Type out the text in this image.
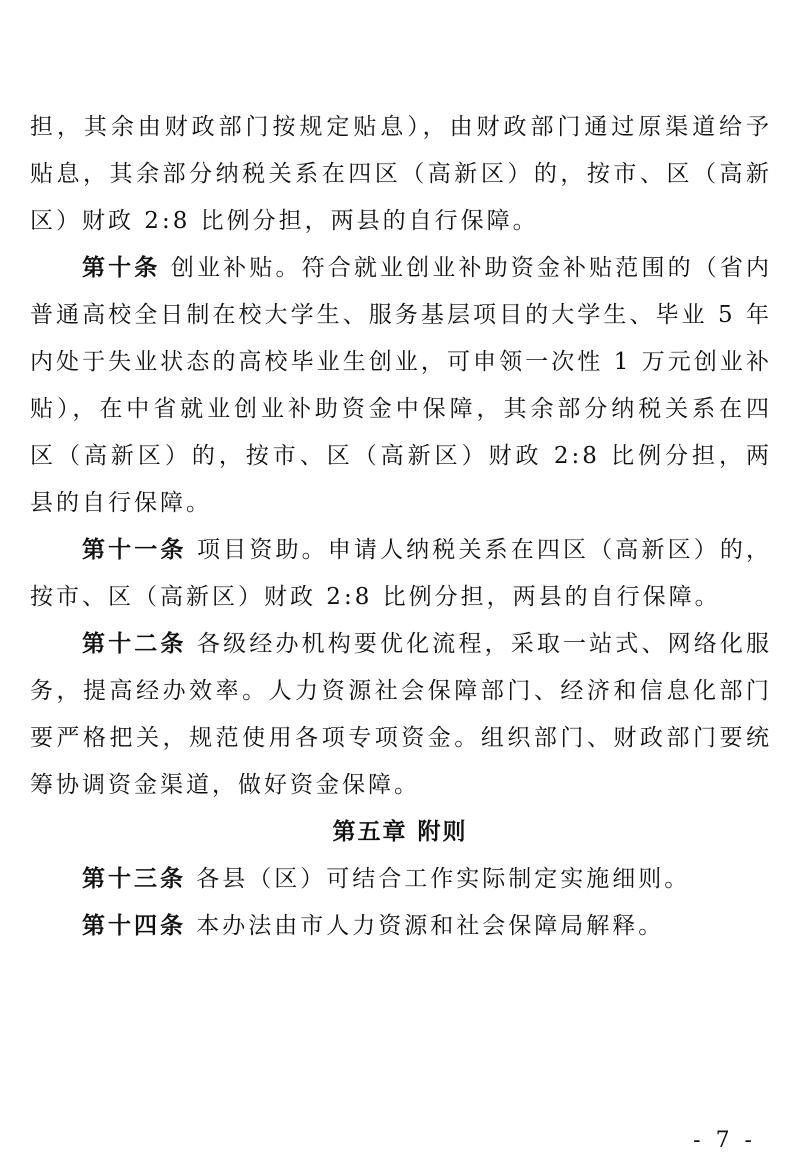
担，其余由财政部门按规定贴息），由财政部门通过原渠道给予贴息，其余部分纳税关系在四区（高新区）的，按市、区（高新区）财政 2:8 比例分担，两县的自行保障。

第十条 创业补贴。符合就业创业补助资金补贴范围的（省内普通高校全日制在校大学生、服务基层项目的大学生、毕业 5 年内处于失业状态的高校毕业生创业，可申领一次性 1 万元创业补贴），在中省就业创业补助资金中保障，其余部分纳税关系在四区（高新区）的，按市、区（高新区）财政 2:8 比例分担，两县的自行保障。

第十一条 项目资助。申请人纳税关系在四区（高新区）的，按市、区（高新区）财政 2:8 比例分担，两县的自行保障。

第十二条 各级经办机构要优化流程，采取一站式、网络化服务，提高经办效率。人力资源社会保障部门、经济和信息化部门要严格把关，规范使用各项专项资金。组织部门、财政部门要统筹协调资金渠道，做好资金保障。

第五章 附则

第十三条 各县（区）可结合工作实际制定实施细则。

第十四条 本办法由市人力资源和社会保障局解释。

- 7 -
